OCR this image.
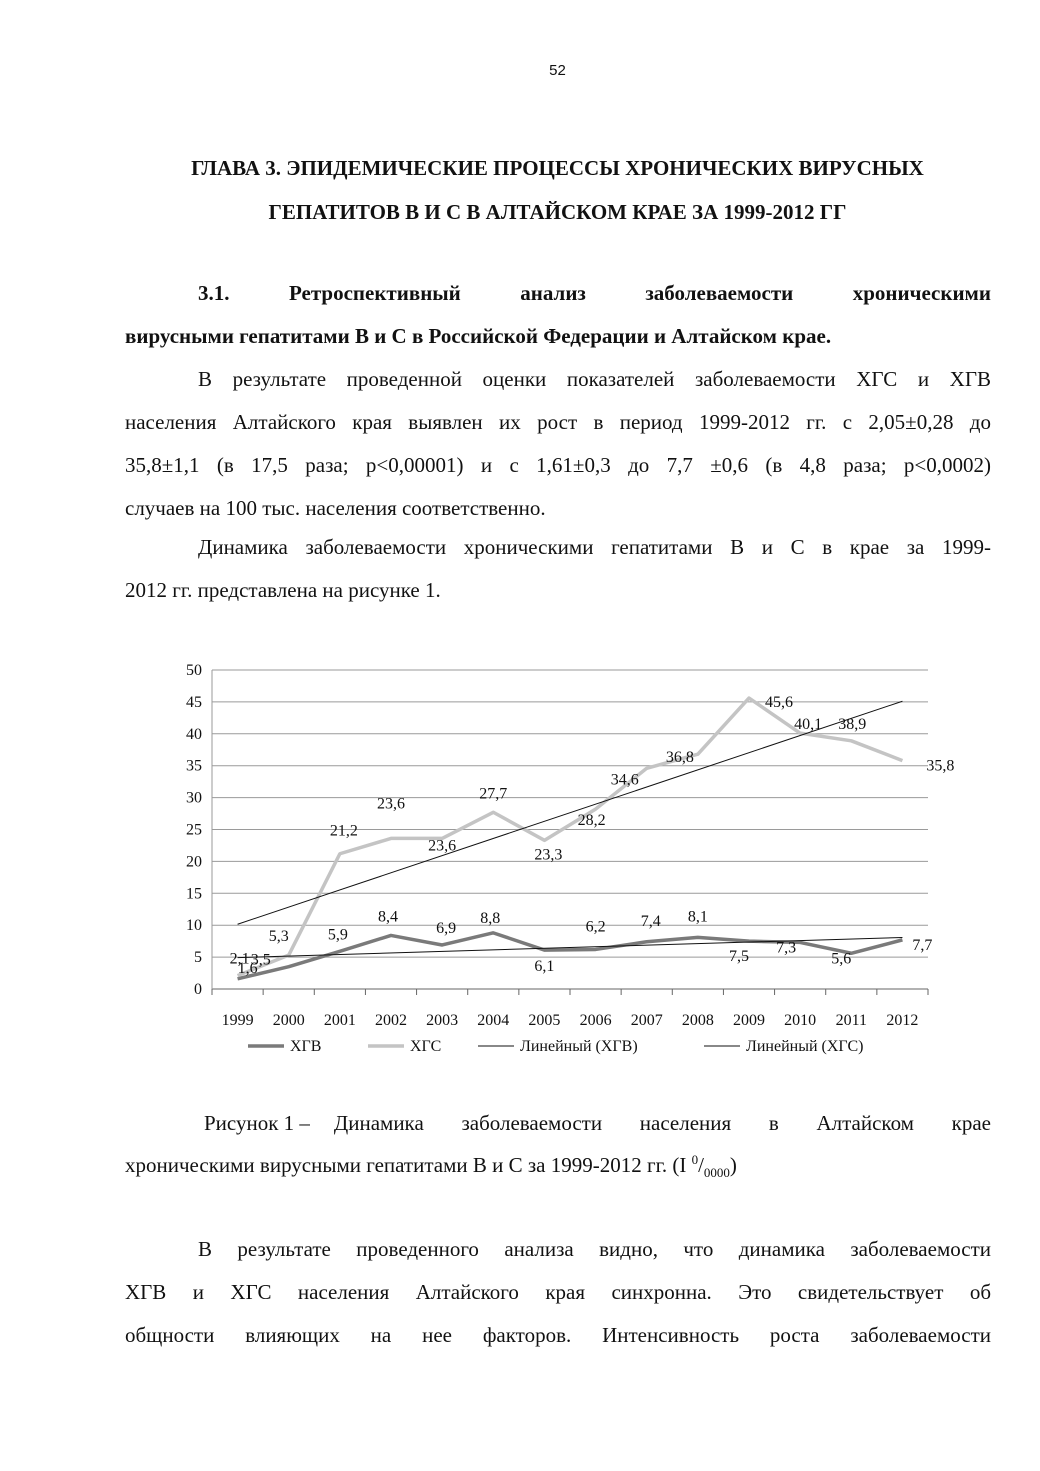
52
ГЛАВА 3. ЭПИДЕМИЧЕСКИЕ ПРОЦЕССЫ ХРОНИЧЕСКИХ ВИРУСНЫХ
ГЕПАТИТОВ В И С В АЛТАЙСКОМ КРАЕ ЗА 1999-2012 ГГ
3.1.	Ретроспективный	анализ	заболеваемости	хроническими
вирусными гепатитами В и С в Российской Федерации и Алтайском крае.
В результате проведенной оценки показателей заболеваемости ХГС и ХГВ
населения Алтайского края выявлен их рост в период 1999-2012 гг. с 2,05±0,28 до
35,8±1,1 (в 17,5 раза; р<0,00001) и с 1,61±0,3 до 7,7 ±0,6 (в 4,8 раза; р<0,0002)
случаев на 100 тыс. населения соответственно.
Динамика заболеваемости хроническими гепатитами В и С в крае за 1999-
2012 гг. представлена на рисунке 1.
0
5
10
15
20
25
30
35
40
45
50
1999 2000 2001 2002 2003 2004 2005 2006 2007 2008 2009 2010 2011 2012
1,6
3,5
5,9
8,4
6,9
8,8
6,1
6,2 7,4 8,1
7,5
7,3
5,6
7,7
2,1
5,3
21,2
23,6
23,6
27,7
23,3
28,2
34,6
36,8
45,6
40,1 38,9
35,8
ХГВ	ХГС	Линейный (ХГВ)	Линейный (ХГС)
Рисунок 1 – Динамика заболеваемости населения в Алтайском крае
хроническими вирусными гепатитами В и С за 1999-2012 гг. (I $^0/_{0000}$)
В результате проведенного анализа видно, что динамика заболеваемости
ХГВ и ХГС населения Алтайского края синхронна. Это свидетельствует об
общности влияющих на нее факторов. Интенсивность роста заболеваемости
